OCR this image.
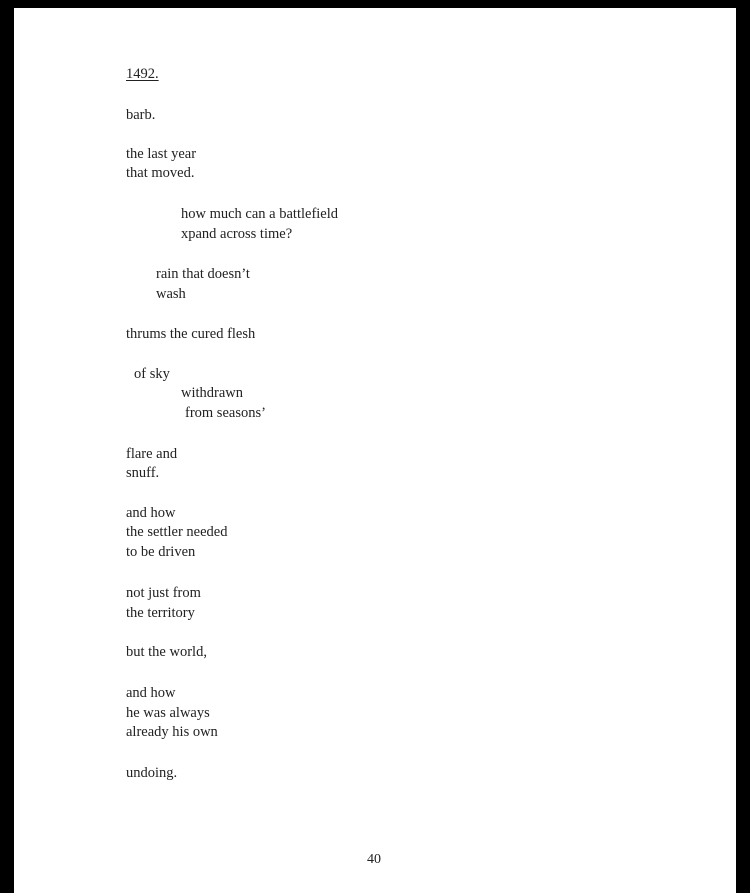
1492.
barb.
the last year
that moved.
how much can a battlefield
xpand across time?
rain that doesn’t
wash
thrums the cured flesh
of sky
withdrawn
from seasons’
flare and
snuff.
and how
the settler needed
to be driven
not just from
the territory
but the world,
and how
he was always
already his own
undoing.
40
